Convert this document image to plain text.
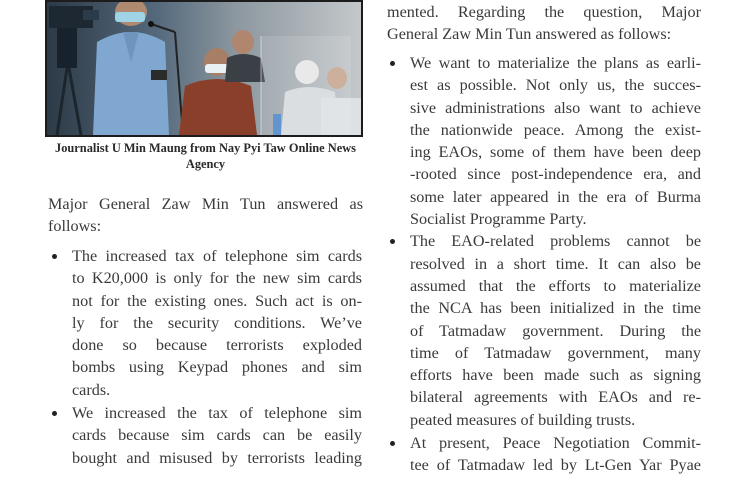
Journalist U Min Maung from Nay Pyi Taw Online News Agency

Major General Zaw Min Tun answered as
follows:

The increased tax of telephone sim cards
to K20,000 is only for the new sim cards
not for the existing ones. Such act is on-
ly for the security conditions. We’ve
done so because terrorists exploded
bombs using Keypad phones and sim
cards.
We increased the tax of telephone sim
cards because sim cards can be easily
bought and misused by terrorists leading

mented. Regarding the question, Major
General Zaw Min Tun answered as follows:

We want to materialize the plans as earli-
est as possible. Not only us, the succes-
sive administrations also want to achieve
the nationwide peace. Among the exist-
ing EAOs, some of them have been deep
-rooted since post-independence era, and
some later appeared in the era of Burma
Socialist Programme Party.
The EAO-related problems cannot be
resolved in a short time. It can also be
assumed that the efforts to materialize
the NCA has been initialized in the time
of Tatmadaw government. During the
time of Tatmadaw government, many
efforts have been made such as signing
bilateral agreements with EAOs and re-
peated measures of building trusts.
At present, Peace Negotiation Commit-
tee of Tatmadaw led by Lt-Gen Yar Pyae
